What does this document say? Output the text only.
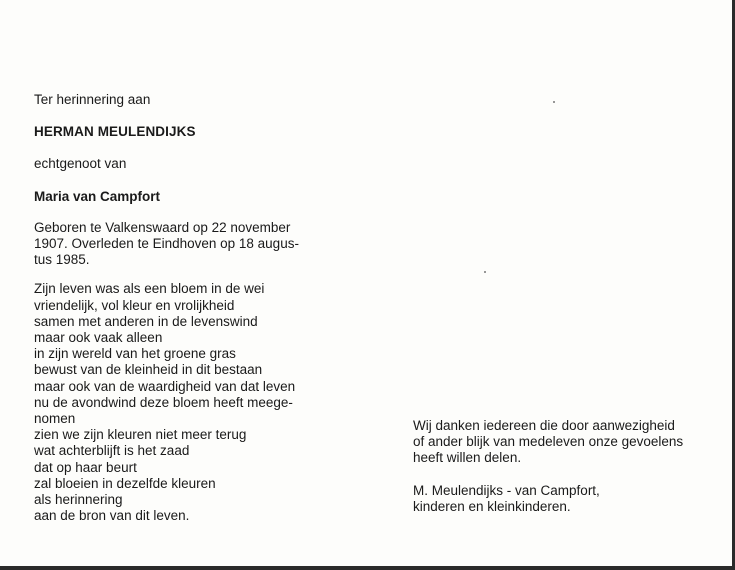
Ter herinnering aan

HERMAN MEULENDIJKS

echtgenoot van

Maria van Campfort

Geboren te Valkenswaard op 22 november
1907. Overleden te Eindhoven op 18 augus-
tus 1985.

Zijn leven was als een bloem in de wei
vriendelijk, vol kleur en vrolijkheid
samen met anderen in de levenswind
maar ook vaak alleen
in zijn wereld van het groene gras
bewust van de kleinheid in dit bestaan
maar ook van de waardigheid van dat leven
nu de avondwind deze bloem heeft meege-
nomen
zien we zijn kleuren niet meer terug
wat achterblijft is het zaad
dat op haar beurt
zal bloeien in dezelfde kleuren
als herinnering
aan de bron van dit leven.

Wij danken iedereen die door aanwezigheid
of ander blijk van medeleven onze gevoelens
heeft willen delen.

M. Meulendijks - van Campfort,
kinderen en kleinkinderen.
